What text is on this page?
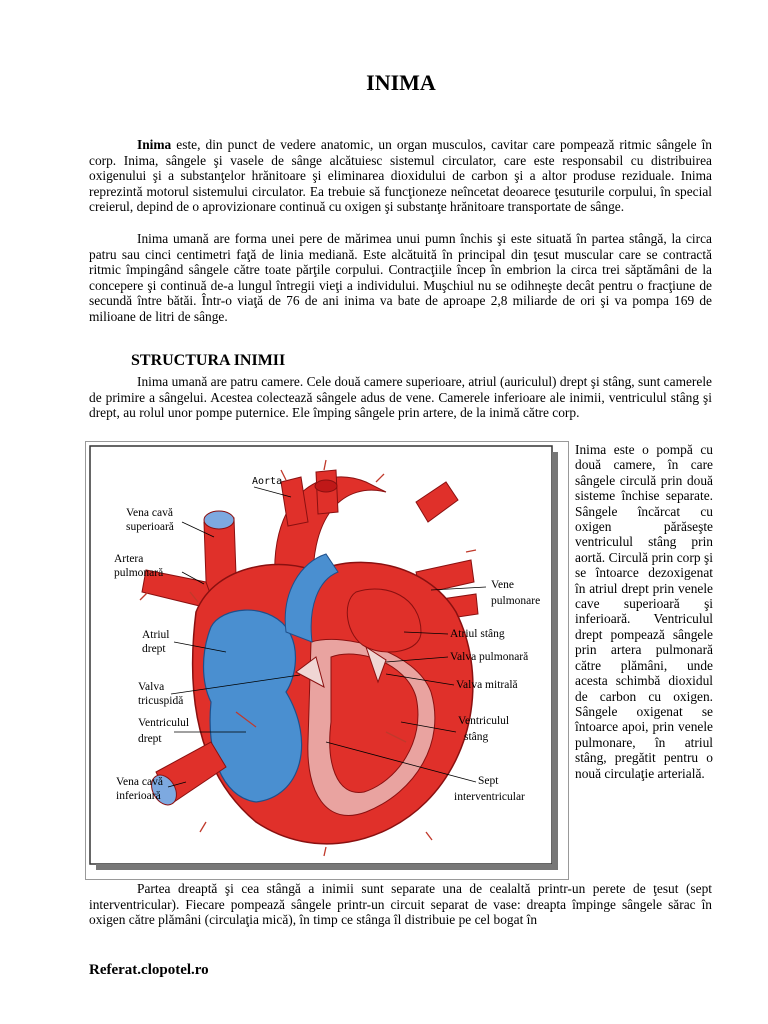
INIMA

Inima este, din punct de vedere anatomic, un organ musculos, cavitar care pompează ritmic sângele în corp. Inima, sângele şi vasele de sânge alcătuiesc sistemul circulator, care este responsabil cu distribuirea oxigenului şi a substanţelor hrănitoare şi eliminarea dioxidului de carbon şi a altor produse reziduale. Inima reprezintă motorul sistemului circulator. Ea trebuie să funcţioneze neîncetat deoarece ţesuturile corpului, în special creierul, depind de o aprovizionare continuă cu oxigen şi substanţe hrănitoare transportate de sânge.

Inima umană are forma unei pere de mărimea unui pumn închis şi este situată în partea stângă, la circa patru sau cinci centimetri faţă de linia mediană. Este alcătuită în principal din ţesut muscular care se contractă ritmic împingând sângele către toate părţile corpului. Contracţiile încep în embrion la circa trei săptămâni de la concepere şi continuă de-a lungul întregii vieţi a individului. Muşchiul nu se odihneşte decât pentru o fracţiune de secundă între bătăi. Într-o viaţă de 76 de ani inima va bate de aproape 2,8 miliarde de ori şi va pompa 169 de milioane de litri de sânge.

STRUCTURA INIMII

Inima umană are patru camere. Cele două camere superioare, atriul (auriculul) drept şi stâng, sunt camerele de primire a sângelui. Acestea colectează sângele adus de vene. Camerele inferioare ale inimii, ventriculul stâng şi drept, au rolul unor pompe puternice. Ele împing sângele prin artere, de la inimă către corp.

Aorta
Vena cavă
superioară
Artera
pulmonară
Vene
pulmonare
Atriul
drept
Atriul stâng
Valva pulmonară
Valva mitrală
Valva
tricuspidă
Ventriculul
drept
Ventriculul
stâng
Vena cavă
inferioară
Sept
interventricular

Inima este o pompă cu două camere, în care sângele circulă prin două sisteme închise separate. Sângele încărcat cu oxigen părăseşte ventriculul stâng prin aortă. Circulă prin corp şi se întoarce dezoxigenat în atriul drept prin venele cave superioară şi inferioară. Ventriculul drept pompează sângele prin artera pulmonară către plămâni, unde acesta schimbă dioxidul de carbon cu oxigen. Sângele oxigenat se întoarce apoi, prin venele pulmonare, în atriul stâng, pregătit pentru o nouă circulaţie arterială.

Partea dreaptă şi cea stângă a inimii sunt separate una de cealaltă printr-un perete de ţesut (sept interventricular). Fiecare pompează sângele printr-un circuit separat de vase: dreapta împinge sângele sărac în oxigen către plămâni (circulaţia mică), în timp ce stânga îl distribuie pe cel bogat în

Referat.clopotel.ro
